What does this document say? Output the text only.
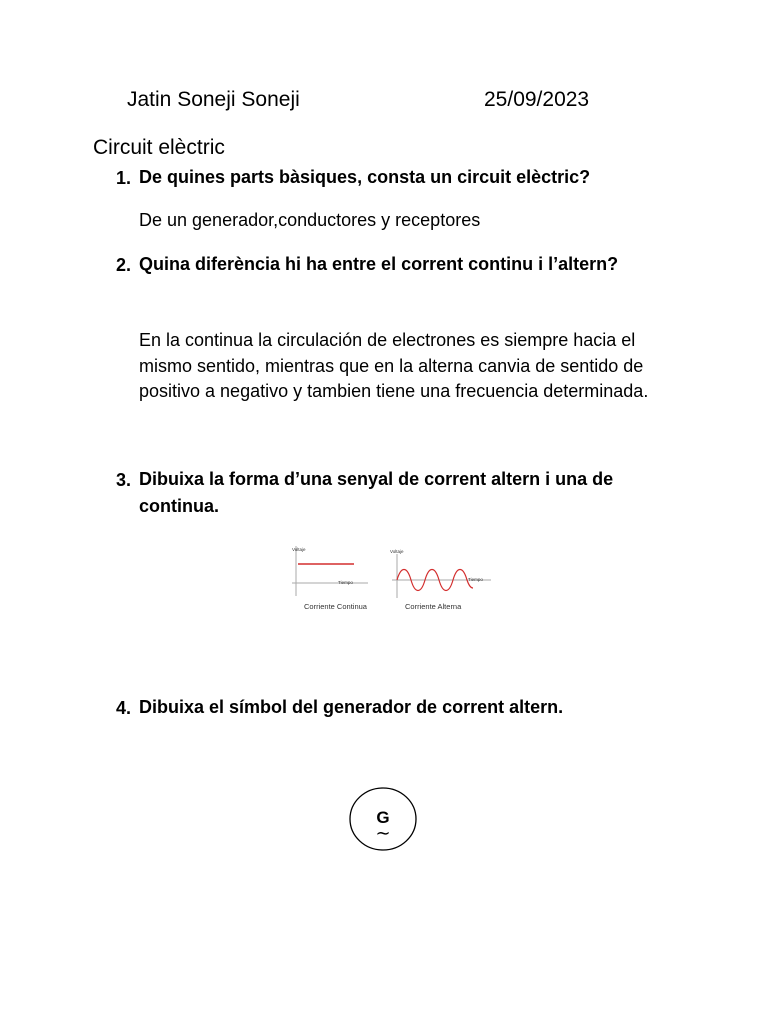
Jatin Soneji Soneji	25/09/2023
Circuit elèctric
1. De quines parts bàsiques, consta un circuit elèctric?
De un generador,conductores y receptores
2. Quina diferència hi ha entre el corrent continu i l’altern?
En la continua la circulación de electrones es siempre hacia el mismo sentido, mientras que en la alterna canvia de sentido de positivo a negativo y tambien tiene una frecuencia determinada.
3. Dibuixa la forma d’una senyal de corrent altern i una de continua.
Voltaje
Tiempo
Corriente Continua
Voltaje
Tiempo
Corriente Alterna
4. Dibuixa el símbol del generador de corrent altern.
G
∼
